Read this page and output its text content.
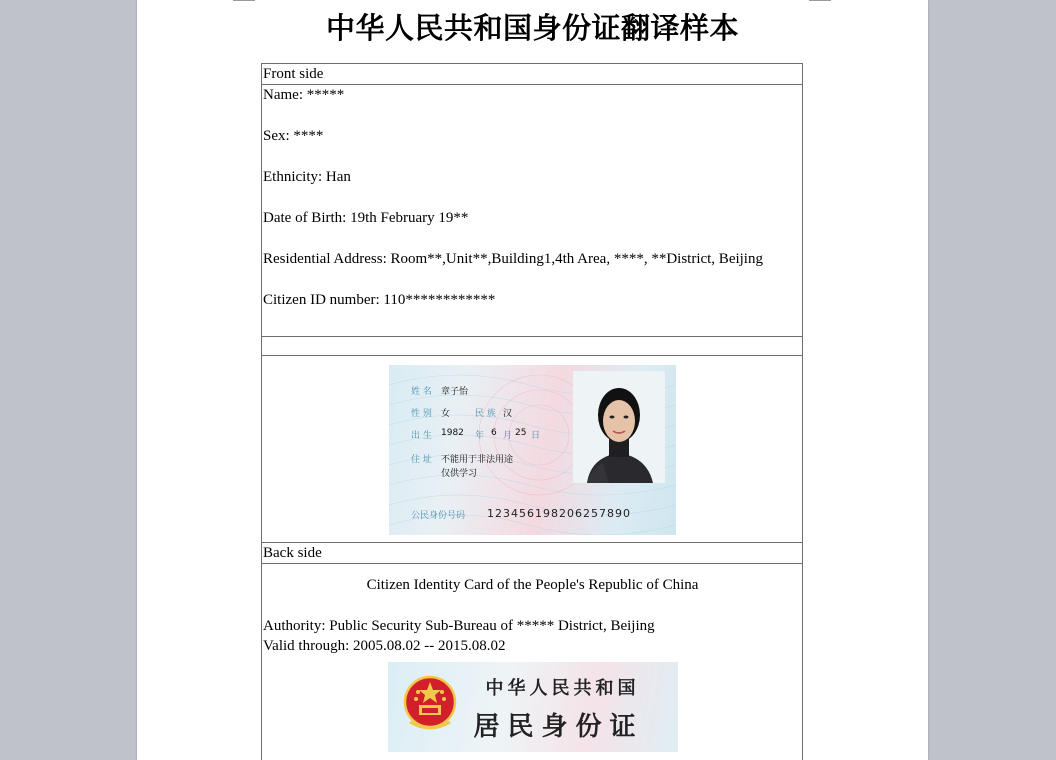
中华人民共和国身份证翻译样本
Front side

Name: *****

Sex: ****

Ethnicity: Han

Date of Birth: 19th February 19**

Residential Address: Room**,Unit**,Building1,4th Area, ****, **District, Beijing

Citizen ID number: 110************

姓 名 章子怡
性 别 女	民 族 汉
出 生 1982 年 6 月 25 日
住 址 不能用于非法用途
仅供学习
公民身份号码 123456198206257890

Back side

Citizen Identity Card of the People's Republic of China

Authority: Public Security Sub-Bureau of ***** District, Beijing

Valid through: 2005.08.02 -- 2015.08.02

中华人民共和国
居民身份证
